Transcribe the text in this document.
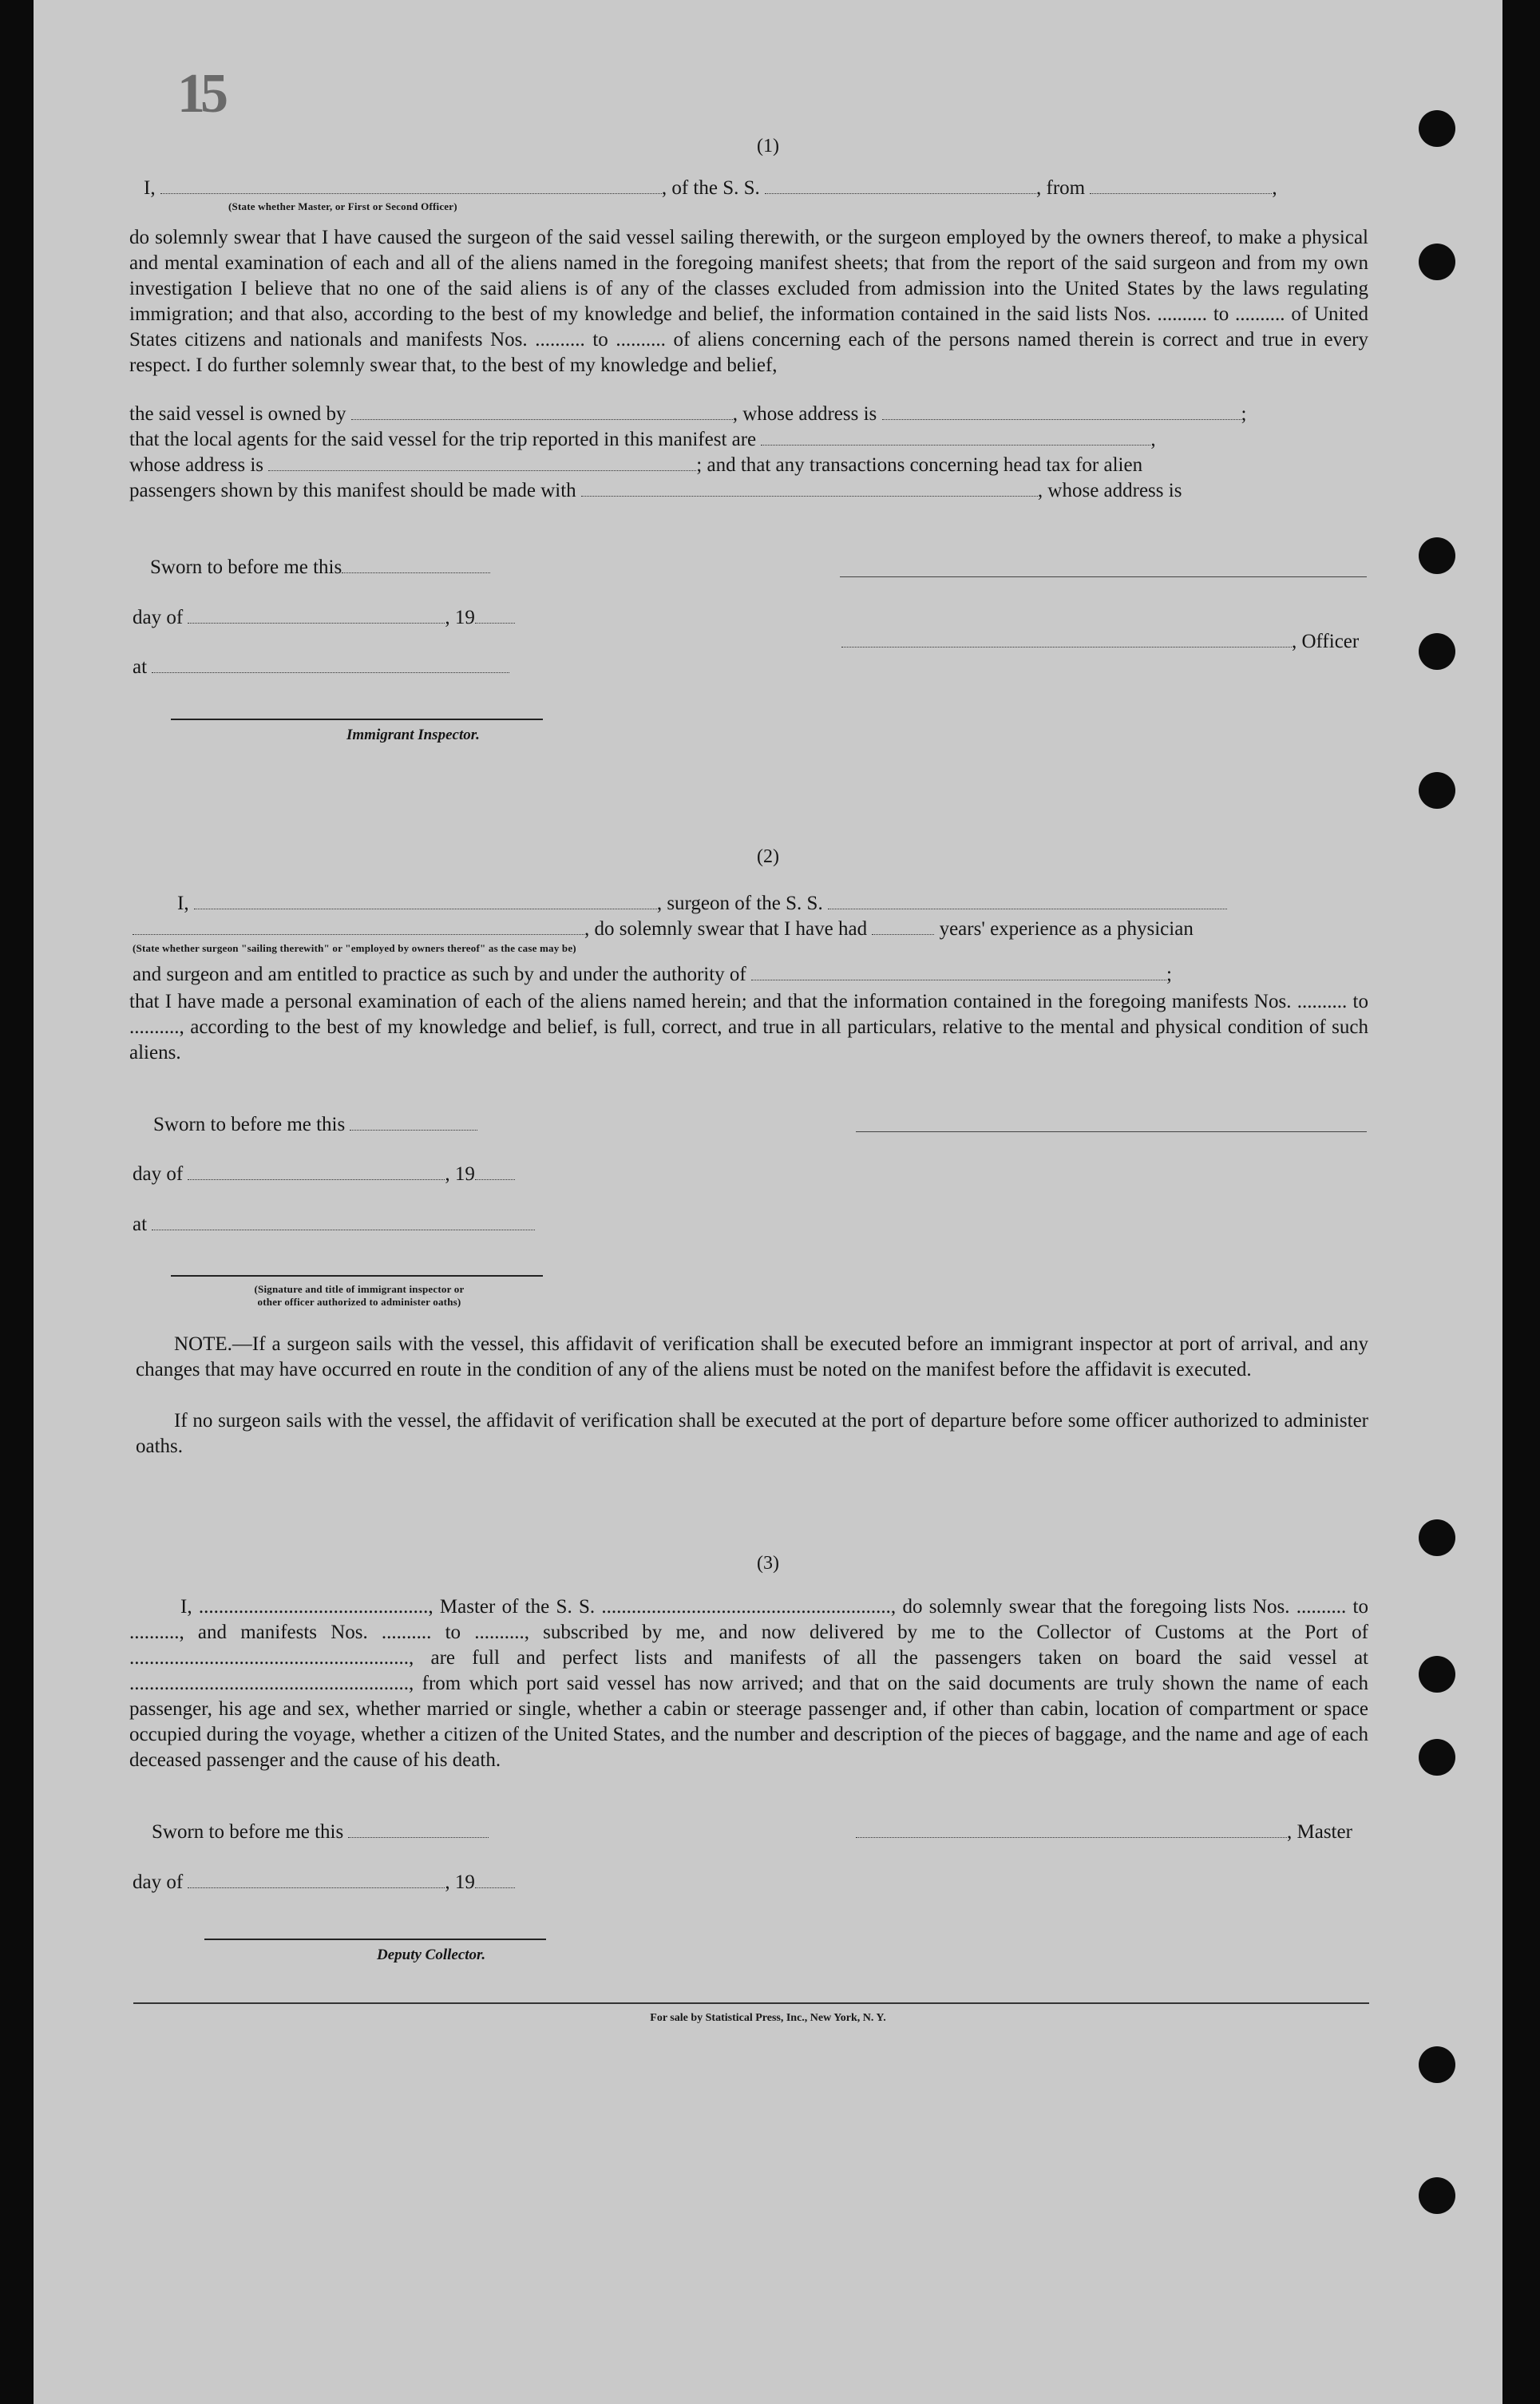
15
(1)
I,	, of the S. S.	, from	,
(State whether Master, or First or Second Officer)
do solemnly swear that I have caused the surgeon of the said vessel sailing therewith, or the surgeon employed by the owners thereof, to make a physical and mental examination of each and all of the aliens named in the foregoing manifest sheets; that from the report of the said surgeon and from my own investigation I believe that no one of the said aliens is of any of the classes excluded from admission into the United States by the laws regulating immigration; and that also, according to the best of my knowledge and belief, the information contained in the said lists Nos. .......... to .......... of United States citizens and nationals and manifests Nos. .......... to .......... of aliens concerning each of the persons named therein is correct and true in every respect. I do further solemnly swear that, to the best of my knowledge and belief,
the said vessel is owned by	, whose address is	;
that the local agents for the said vessel for the trip reported in this manifest are	,
whose address is	; and that any transactions concerning head tax for alien
passengers shown by this manifest should be made with	, whose address is
Sworn to before me this
day of	, 19
, Officer
at
Immigrant Inspector.
(2)
I,	, surgeon of the S. S.
, do solemnly swear that I have had	years' experience as a physician
(State whether surgeon "sailing therewith" or "employed by owners thereof" as the case may be)
and surgeon and am entitled to practice as such by and under the authority of	;
that I have made a personal examination of each of the aliens named herein; and that the information contained in the foregoing manifests Nos. .......... to .........., according to the best of my knowledge and belief, is full, correct, and true in all particulars, relative to the mental and physical condition of such aliens.
Sworn to before me this
day of	, 19
at
(Signature and title of immigrant inspector or
other officer authorized to administer oaths)
NOTE.—If a surgeon sails with the vessel, this affidavit of verification shall be executed before an immigrant inspector at port of arrival, and any changes that may have occurred en route in the condition of any of the aliens must be noted on the manifest before the affidavit is executed.
If no surgeon sails with the vessel, the affidavit of verification shall be executed at the port of departure before some officer authorized to administer oaths.
(3)
I, .............................................., Master of the S. S. .........................................................., do solemnly swear that the foregoing lists Nos. .......... to .........., and manifests Nos. .......... to .........., subscribed by me, and now delivered by me to the Collector of Customs at the Port of ........................................................, are full and perfect lists and manifests of all the passengers taken on board the said vessel at ........................................................, from which port said vessel has now arrived; and that on the said documents are truly shown the name of each passenger, his age and sex, whether married or single, whether a cabin or steerage passenger and, if other than cabin, location of compartment or space occupied during the voyage, whether a citizen of the United States, and the number and description of the pieces of baggage, and the name and age of each deceased passenger and the cause of his death.
Sworn to before me this	, Master
day of	, 19
Deputy Collector.
For sale by Statistical Press, Inc., New York, N. Y.
